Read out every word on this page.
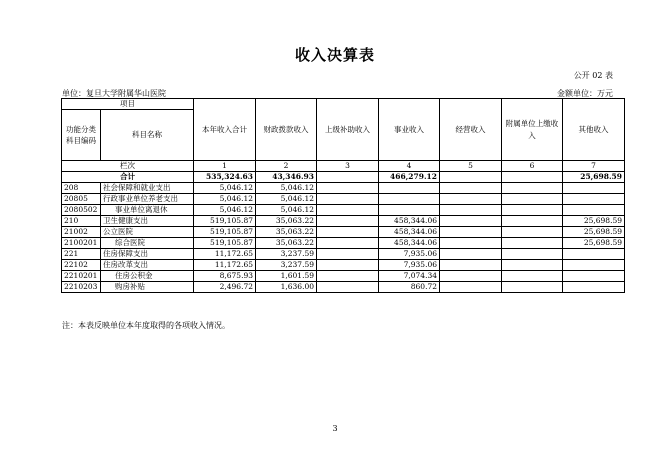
收入决算表
公开 02 表
单位：复旦大学附属华山医院	金额单位：万元
项目		本年收入合计	财政拨款收入	上级补助收入	事业收入	经营收入	附属单位上缴收入	其他收入
功能分类科目编码	科目名称							
栏次		1	2	3	4	5	6	7
合计		535,324.63	43,346.93		466,279.12			25,698.59
208	社会保障和就业支出	5,046.12	5,046.12					
20805	行政事业单位养老支出	5,046.12	5,046.12					
2080502	事业单位离退休	5,046.12	5,046.12					
210	卫生健康支出	519,105.87	35,063.22		458,344.06			25,698.59
21002	公立医院	519,105.87	35,063.22		458,344.06			25,698.59
2100201	综合医院	519,105.87	35,063.22		458,344.06			25,698.59
221	住房保障支出	11,172.65	3,237.59		7,935.06			
22102	住房改革支出	11,172.65	3,237.59		7,935.06			
2210201	住房公积金	8,675.93	1,601.59		7,074.34			
2210203	购房补贴	2,496.72	1,636.00		860.72			
注：本表反映单位本年度取得的各项收入情况。
3
